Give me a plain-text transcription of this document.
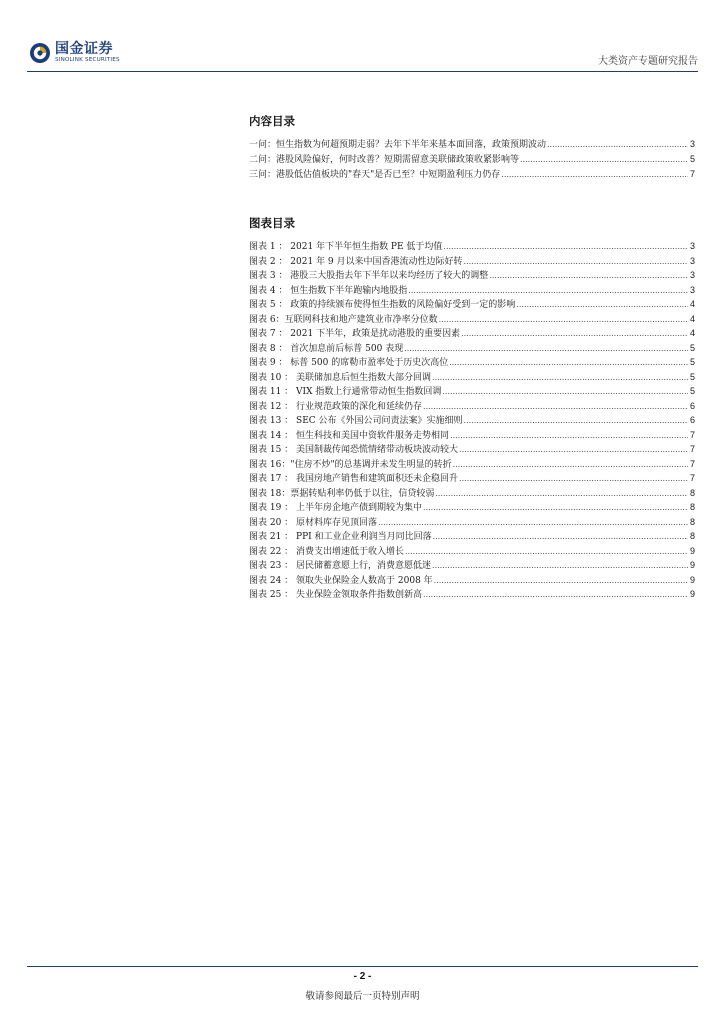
国金证券
SINOLINK SECURITIES	大类资产专题研究报告
内容目录
一问：恒生指数为何超预期走弱？去年下半年来基本面回落，政策预期波动 .....	3
二问：港股风险偏好，何时改善？短期需留意美联储政策收紧影响等 .....	5
三问：港股低估值板块的"春天"是否已至？中短期盈利压力仍存 .....	7
图表目录
图表 1 ： 2021 年下半年恒生指数 PE 低于均值 .....	3
图表 2 ： 2021 年 9 月以来中国香港流动性边际好转 .....	3
图表 3 ： 港股三大股指去年下半年以来均经历了较大的调整 .....	3
图表 4 ： 恒生指数下半年跑输内地股指 .....	3
图表 5 ： 政策的持续颁布使得恒生指数的风险偏好受到一定的影响 .....	4
图表 6：互联网科技和地产建筑业市净率分位数 .....	4
图表 7 ： 2021 下半年，政策是扰动港股的重要因素 .....	4
图表 8 ： 首次加息前后标普 500 表现 .....	5
图表 9 ： 标普 500 的席勒市盈率处于历史次高位 .....	5
图表 10 ： 美联储加息后恒生指数大部分回调 .....	5
图表 11 ： VIX 指数上行通常带动恒生指数回调 .....	5
图表 12 ： 行业规范政策的深化和延续仍存 .....	6
图表 13 ： SEC 公布《外国公司问责法案》实施细则 .....	6
图表 14 ： 恒生科技和美国中资软件服务走势相同 .....	7
图表 15 ： 美国制裁传闻恐慌情绪带动板块波动较大 .....	7
图表 16："住房不炒"的总基调并未发生明显的转折 .....	7
图表 17 ： 我国房地产销售和建筑面积还未企稳回升 .....	7
图表 18：票据转贴利率仍低于以往，信贷较弱 .....	8
图表 19 ： 上半年房企地产债到期较为集中 .....	8
图表 20 ： 原材料库存见顶回落 .....	8
图表 21 ： PPI 和工业企业利润当月同比回落 .....	8
图表 22 ： 消费支出增速低于收入增长 .....	9
图表 23 ： 居民储蓄意愿上行，消费意愿低迷 .....	9
图表 24 ： 领取失业保险金人数高于 2008 年 .....	9
图表 25 ： 失业保险金领取条件指数创新高 .....	9
- 2 -
敬请参阅最后一页特别声明
